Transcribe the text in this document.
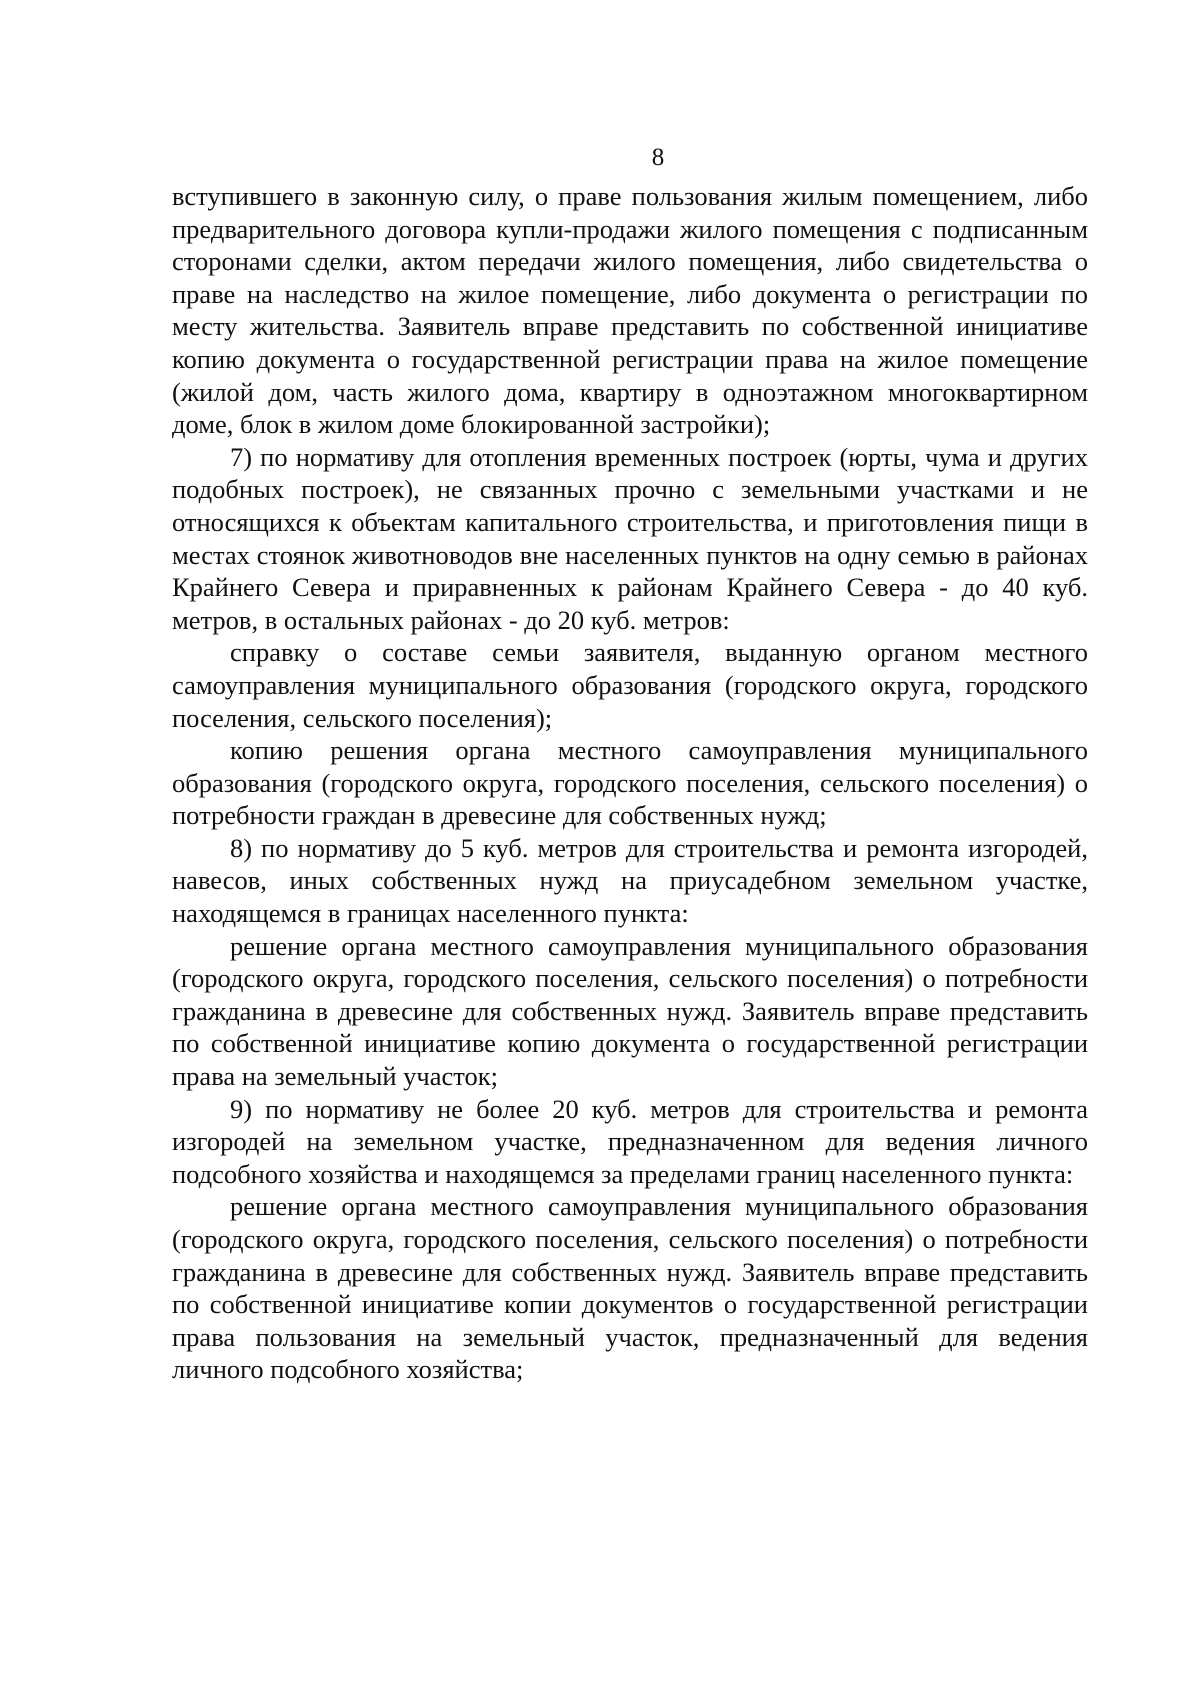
8

вступившего в законную силу, о праве пользования жилым помещением, либо предварительного договора купли-продажи жилого помещения с подписанным сторонами сделки, актом передачи жилого помещения, либо свидетельства о праве на наследство на жилое помещение, либо документа о регистрации по месту жительства. Заявитель вправе представить по собственной инициативе копию документа о государственной регистрации права на жилое помещение (жилой дом, часть жилого дома, квартиру в одноэтажном многоквартирном доме, блок в жилом доме блокированной застройки);

7) по нормативу для отопления временных построек (юрты, чума и других подобных построек), не связанных прочно с земельными участками и не относящихся к объектам капитального строительства, и приготовления пищи в местах стоянок животноводов вне населенных пунктов на одну семью в районах Крайнего Севера и приравненных к районам Крайнего Севера - до 40 куб. метров, в остальных районах - до 20 куб. метров:

справку о составе семьи заявителя, выданную органом местного самоуправления муниципального образования (городского округа, городского поселения, сельского поселения);

копию решения органа местного самоуправления муниципального образования (городского округа, городского поселения, сельского поселения) о потребности граждан в древесине для собственных нужд;

8) по нормативу до 5 куб. метров для строительства и ремонта изгородей, навесов, иных собственных нужд на приусадебном земельном участке, находящемся в границах населенного пункта:

решение органа местного самоуправления муниципального образования (городского округа, городского поселения, сельского поселения) о потребности гражданина в древесине для собственных нужд. Заявитель вправе представить по собственной инициативе копию документа о государственной регистрации права на земельный участок;

9) по нормативу не более 20 куб. метров для строительства и ремонта изгородей на земельном участке, предназначенном для ведения личного подсобного хозяйства и находящемся за пределами границ населенного пункта:

решение органа местного самоуправления муниципального образования (городского округа, городского поселения, сельского поселения) о потребности гражданина в древесине для собственных нужд. Заявитель вправе представить по собственной инициативе копии документов о государственной регистрации права пользования на земельный участок, предназначенный для ведения личного подсобного хозяйства;
